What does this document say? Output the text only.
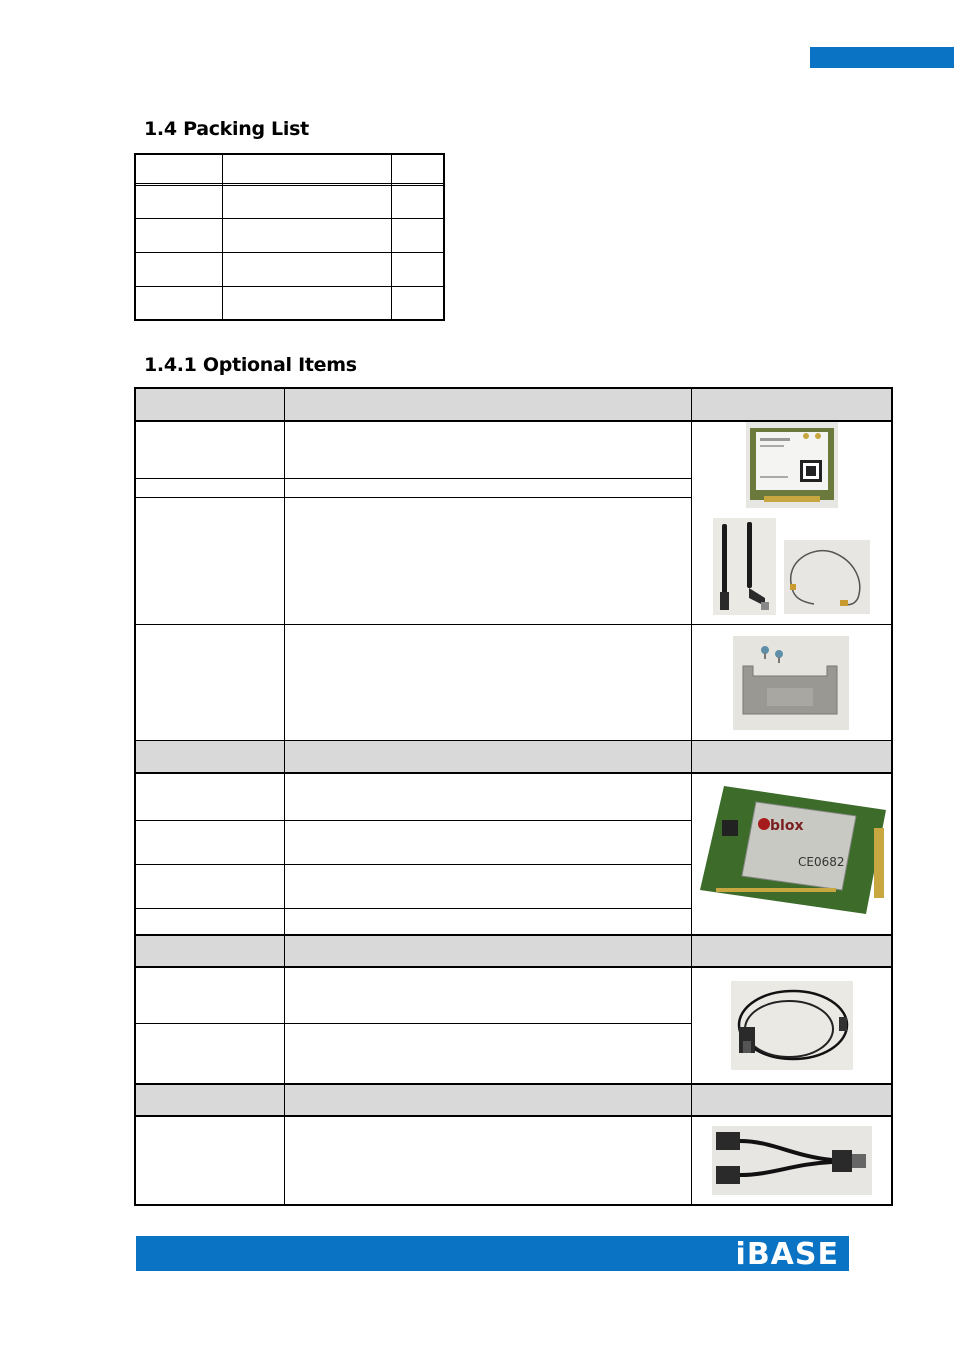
1.4 Packing List
1.4.1 Optional Items
blox
CE0682
iBASE
